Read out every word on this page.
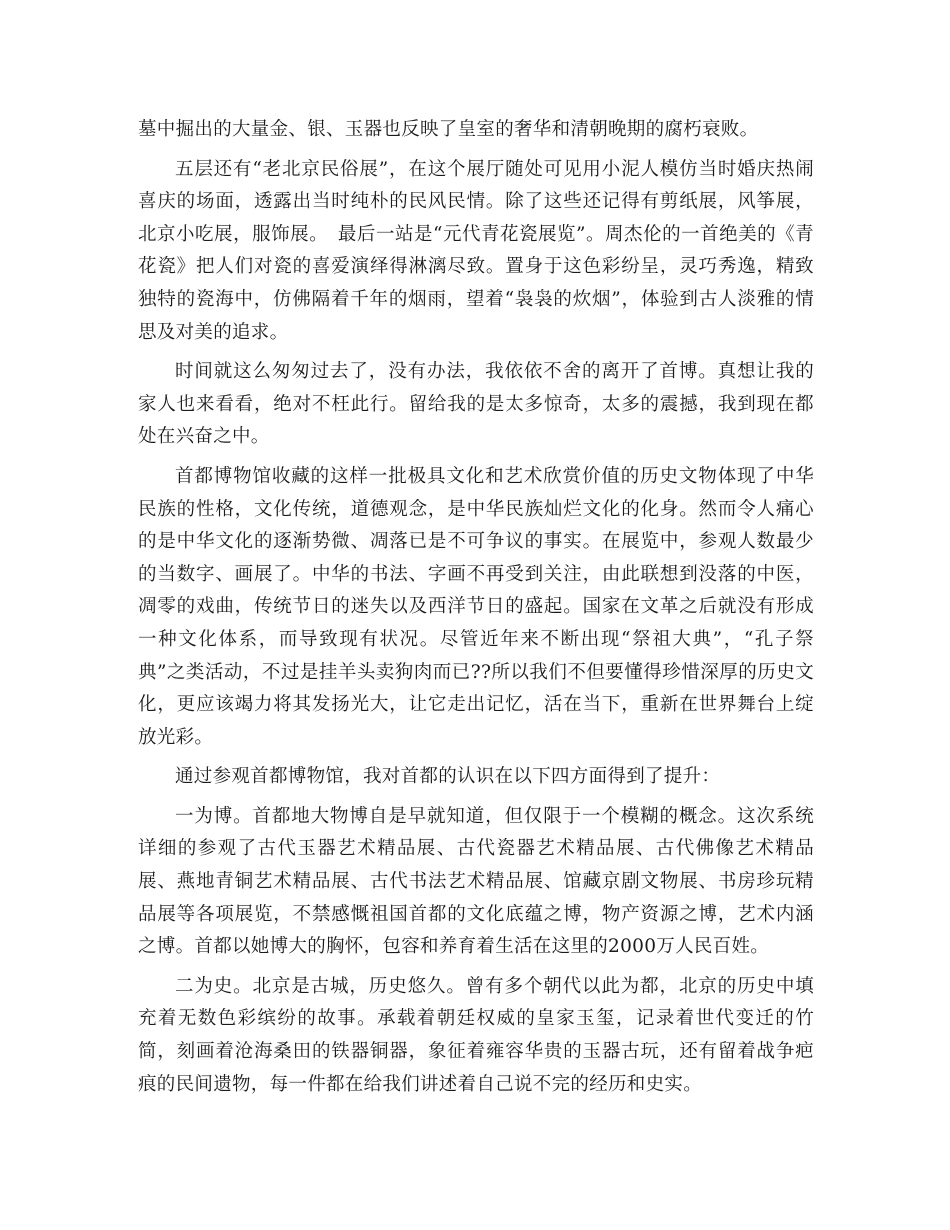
墓中掘出的大量金、银、玉器也反映了皇室的奢华和清朝晚期的腐朽衰败。

五层还有“老北京民俗展”，在这个展厅随处可见用小泥人模仿当时婚庆热闹喜庆的场面，透露出当时纯朴的民风民情。除了这些还记得有剪纸展，风筝展，北京小吃展，服饰展。　最后一站是“元代青花瓷展览”。周杰伦的一首绝美的《青花瓷》把人们对瓷的喜爱演绎得淋漓尽致。置身于这色彩纷呈，灵巧秀逸，精致独特的瓷海中，仿佛隔着千年的烟雨，望着“袅袅的炊烟”，体验到古人淡雅的情思及对美的追求。

时间就这么匆匆过去了，没有办法，我依依不舍的离开了首博。真想让我的家人也来看看，绝对不枉此行。留给我的是太多惊奇，太多的震撼，我到现在都处在兴奋之中。

首都博物馆收藏的这样一批极具文化和艺术欣赏价值的历史文物体现了中华民族的性格，文化传统，道德观念，是中华民族灿烂文化的化身。然而令人痛心的是中华文化的逐渐势微、凋落已是不可争议的事实。在展览中，参观人数最少的当数字、画展了。中华的书法、字画不再受到关注，由此联想到没落的中医，凋零的戏曲，传统节日的迷失以及西洋节日的盛起。国家在文革之后就没有形成一种文化体系，而导致现有状况。尽管近年来不断出现“祭祖大典”，“孔子祭典”之类活动，不过是挂羊头卖狗肉而已??所以我们不但要懂得珍惜深厚的历史文化，更应该竭力将其发扬光大，让它走出记忆，活在当下，重新在世界舞台上绽放光彩。

通过参观首都博物馆，我对首都的认识在以下四方面得到了提升：

一为博。首都地大物博自是早就知道，但仅限于一个模糊的概念。这次系统详细的参观了古代玉器艺术精品展、古代瓷器艺术精品展、古代佛像艺术精品展、燕地青铜艺术精品展、古代书法艺术精品展、馆藏京剧文物展、书房珍玩精品展等各项展览，不禁感慨祖国首都的文化底蕴之博，物产资源之博，艺术内涵之博。首都以她博大的胸怀，包容和养育着生活在这里的2000万人民百姓。

二为史。北京是古城，历史悠久。曾有多个朝代以此为都，北京的历史中填充着无数色彩缤纷的故事。承载着朝廷权威的皇家玉玺，记录着世代变迁的竹简，刻画着沧海桑田的铁器铜器，象征着雍容华贵的玉器古玩，还有留着战争疤痕的民间遗物，每一件都在给我们讲述着自己说不完的经历和史实。
